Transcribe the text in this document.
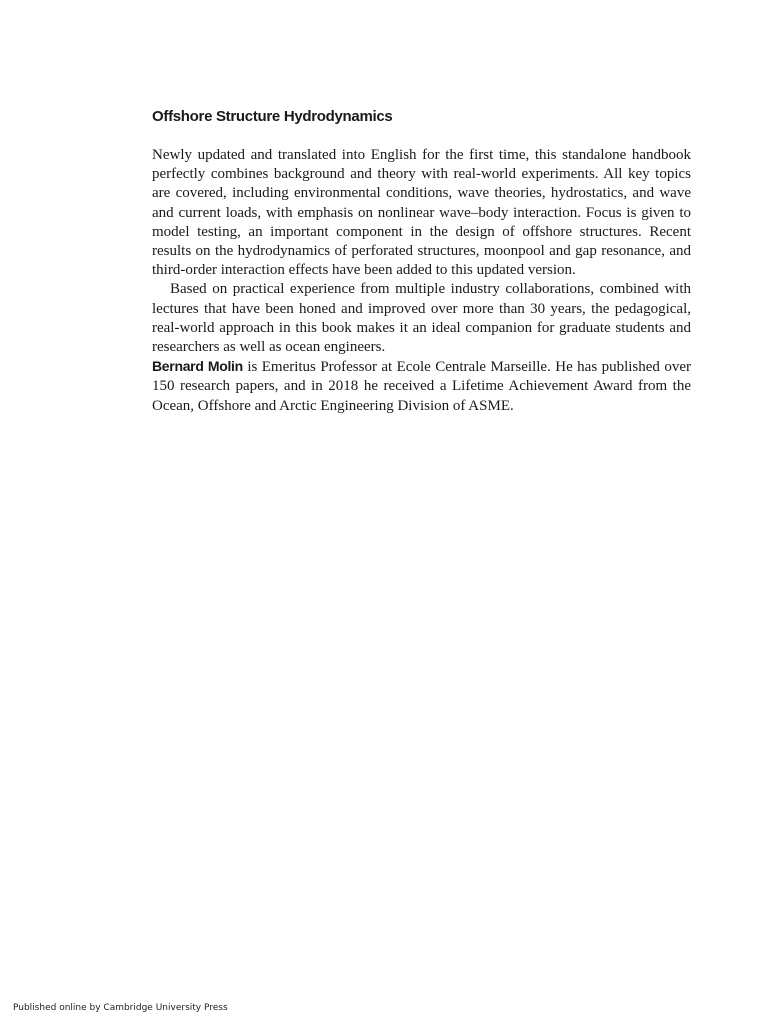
Offshore Structure Hydrodynamics

Newly updated and translated into English for the first time, this standalone handbook perfectly combines background and theory with real-world experiments. All key topics are covered, including environmental conditions, wave theories, hydrostatics, and wave and current loads, with emphasis on nonlinear wave–body interaction. Focus is given to model testing, an important component in the design of offshore structures. Recent results on the hydrodynamics of perforated structures, moonpool and gap resonance, and third-order interaction effects have been added to this updated version.

Based on practical experience from multiple industry collaborations, combined with lectures that have been honed and improved over more than 30 years, the pedagogical, real-world approach in this book makes it an ideal companion for graduate students and researchers as well as ocean engineers.

Bernard Molin is Emeritus Professor at Ecole Centrale Marseille. He has published over 150 research papers, and in 2018 he received a Lifetime Achievement Award from the Ocean, Offshore and Arctic Engineering Division of ASME.

Published online by Cambridge University Press
